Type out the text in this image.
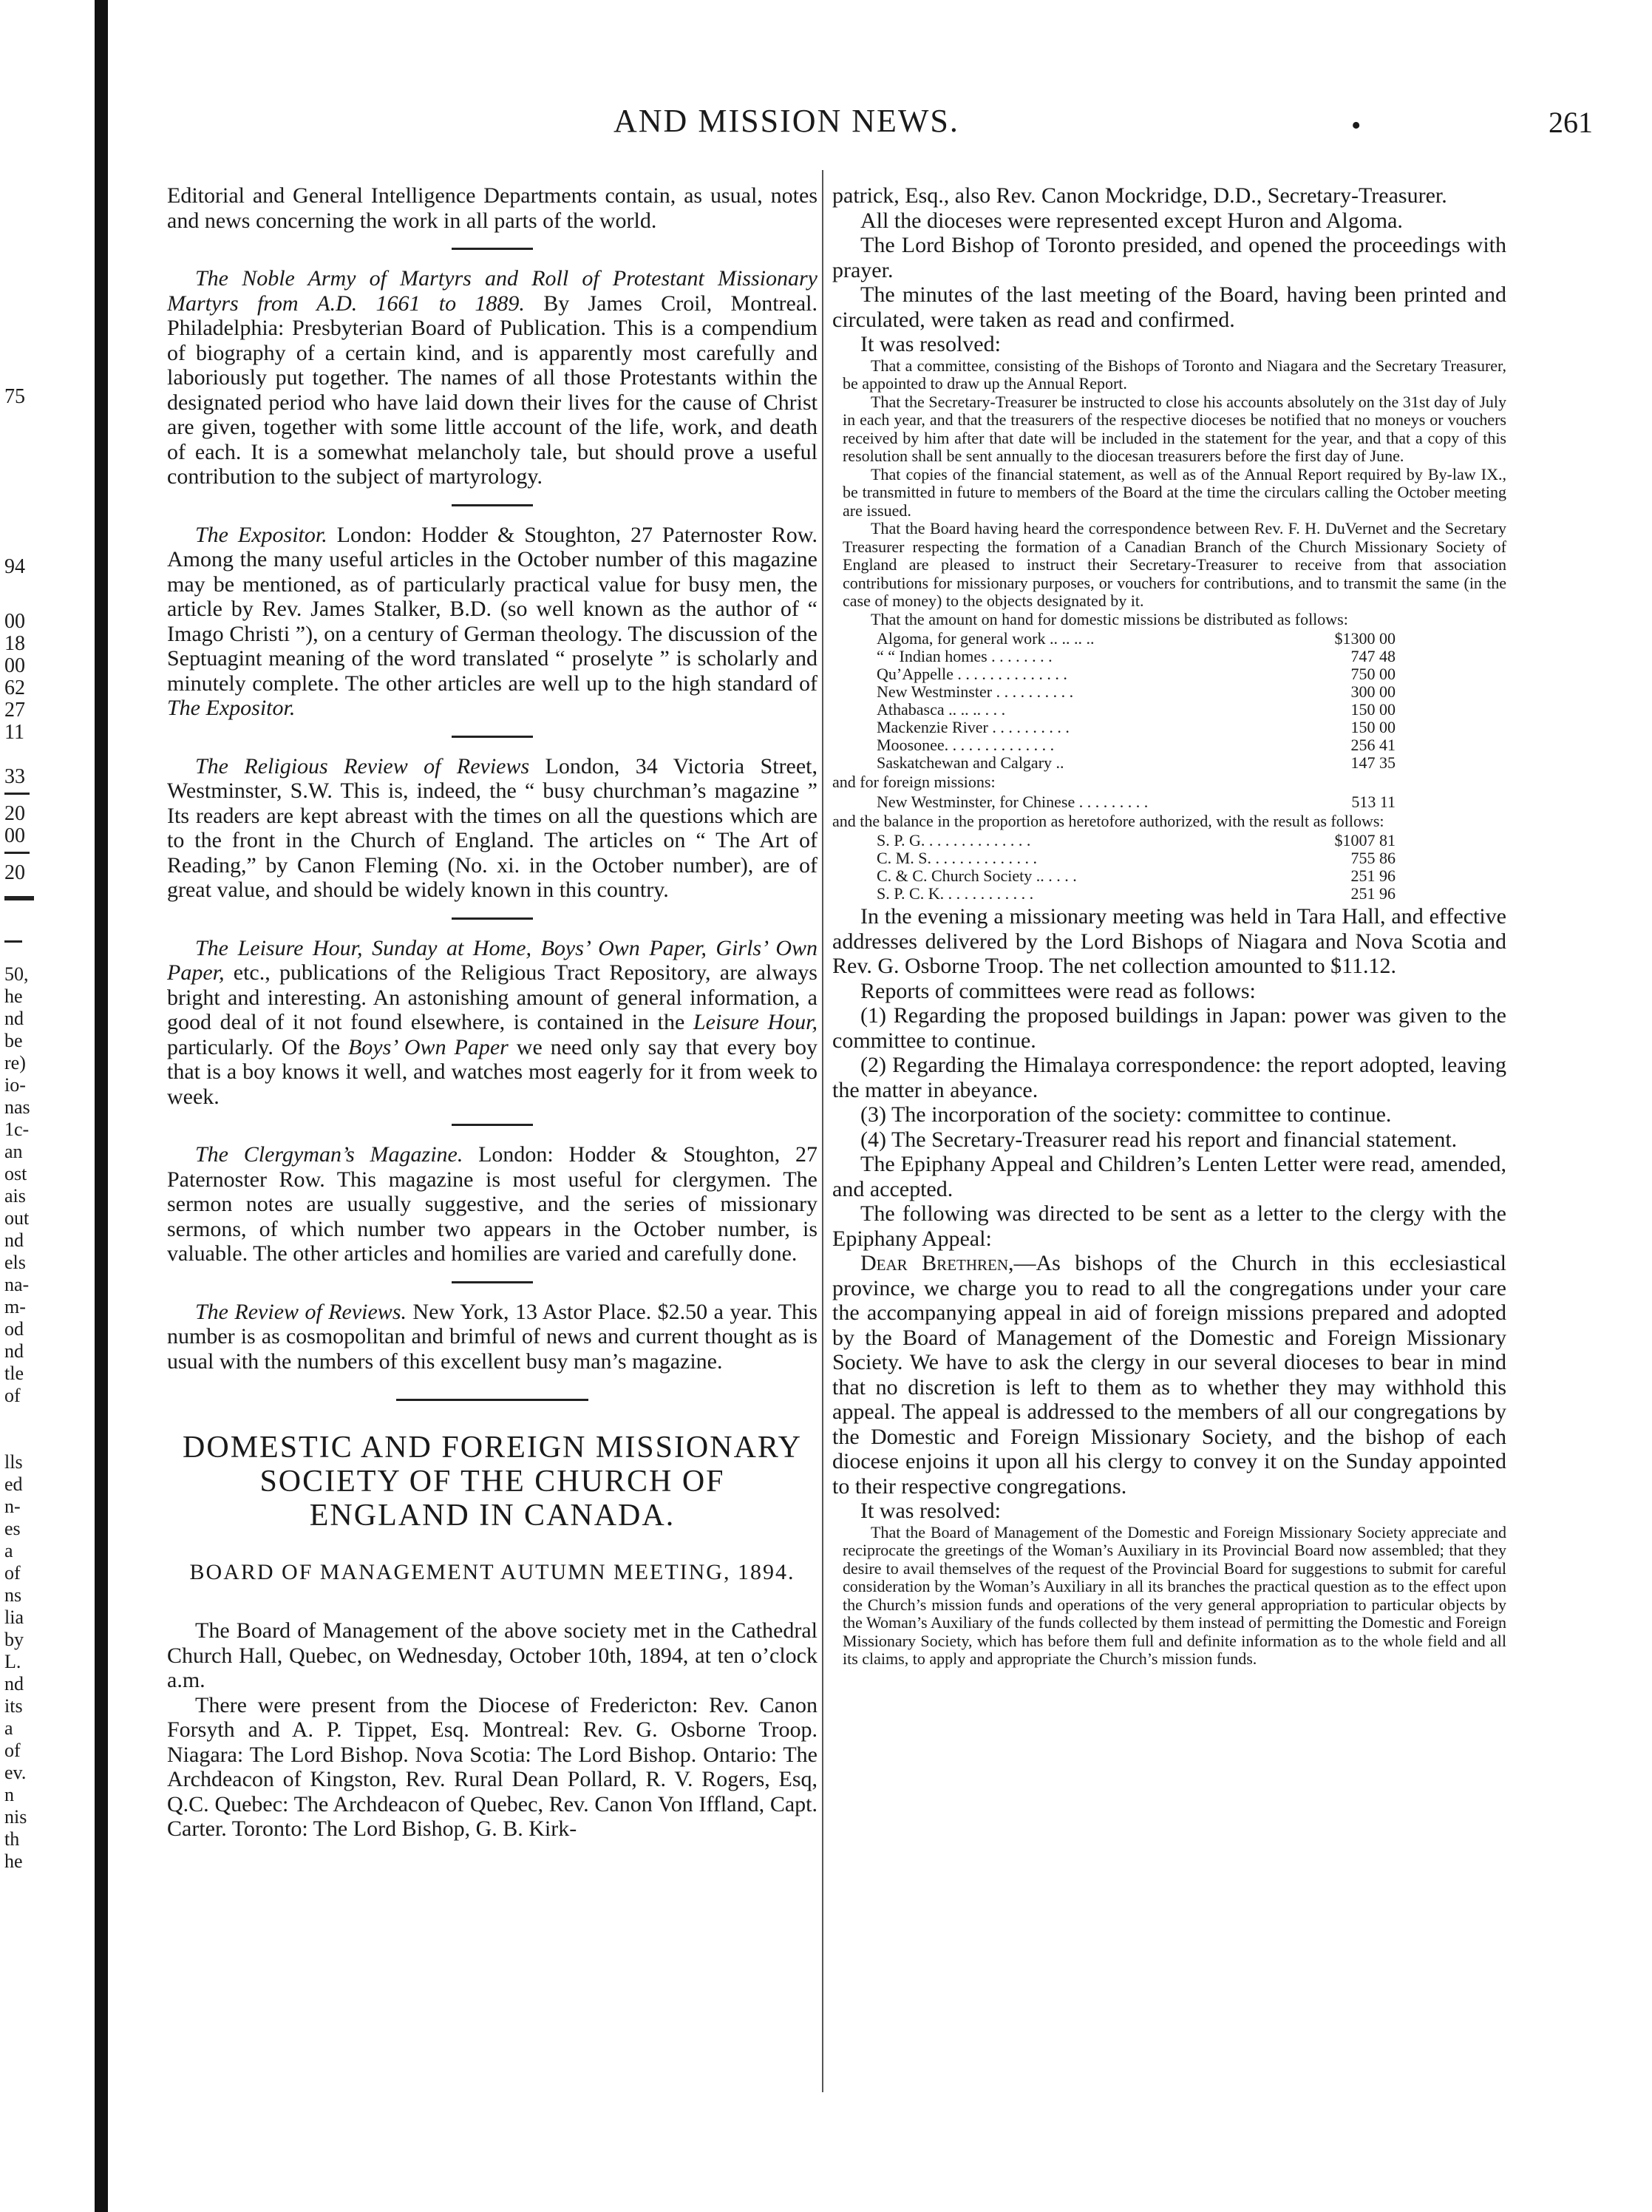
75
94
00
18
00
62
27
11
33
20
00
20
50,
he
nd
be
re)
io-
nas
1c-
an
ost
ais
out
nd
els
na-
m-
od
nd
tle
of
lls
ed
n-
es
a
of
ns
lia
by
L.
nd
its
a
of
ev.
n
nis
th
he
AND MISSION NEWS.	•	261

Editorial and General Intelligence Departments contain, as usual, notes and news concerning the work in all parts of the world.

The Noble Army of Martyrs and Roll of Protestant Missionary Martyrs from A.D. 1661 to 1889. By James Croil, Montreal. Philadelphia: Presbyterian Board of Publication. This is a compendium of biography of a certain kind, and is apparently most carefully and laboriously put together. The names of all those Protestants within the designated period who have laid down their lives for the cause of Christ are given, together with some little account of the life, work, and death of each. It is a somewhat melancholy tale, but should prove a useful contribution to the subject of martyrology.

The Expositor. London: Hodder & Stoughton, 27 Paternoster Row. Among the many useful articles in the October number of this magazine may be mentioned, as of particularly practical value for busy men, the article by Rev. James Stalker, B.D. (so well known as the author of “ Imago Christi ”), on a century of German theology. The discussion of the Septuagint meaning of the word translated “ proselyte ” is scholarly and minutely complete. The other articles are well up to the high standard of The Expositor.

The Religious Review of Reviews London, 34 Victoria Street, Westminster, S.W. This is, indeed, the “ busy churchman’s magazine ” Its readers are kept abreast with the times on all the questions which are to the front in the Church of England. The articles on “ The Art of Reading,” by Canon Fleming (No. xi. in the October number), are of great value, and should be widely known in this country.

The Leisure Hour, Sunday at Home, Boys’ Own Paper, Girls’ Own Paper, etc., publications of the Religious Tract Repository, are always bright and interesting. An astonishing amount of general information, a good deal of it not found elsewhere, is contained in the Leisure Hour, particularly. Of the Boys’ Own Paper we need only say that every boy that is a boy knows it well, and watches most eagerly for it from week to week.

The Clergyman’s Magazine. London: Hodder & Stoughton, 27 Paternoster Row. This magazine is most useful for clergymen. The sermon notes are usually suggestive, and the series of missionary sermons, of which number two appears in the October number, is valuable. The other articles and homilies are varied and carefully done.

The Review of Reviews. New York, 13 Astor Place. $2.50 a year. This number is as cosmopolitan and brimful of news and current thought as is usual with the numbers of this excellent busy man’s magazine.

DOMESTIC AND FOREIGN MISSIONARY SOCIETY OF THE CHURCH OF ENGLAND IN CANADA.
BOARD OF MANAGEMENT AUTUMN MEETING, 1894.

The Board of Management of the above society met in the Cathedral Church Hall, Quebec, on Wednesday, October 10th, 1894, at ten o’clock a.m.

There were present from the Diocese of Fredericton: Rev. Canon Forsyth and A. P. Tippet, Esq. Montreal: Rev. G. Osborne Troop. Niagara: The Lord Bishop. Nova Scotia: The Lord Bishop. Ontario: The Archdeacon of Kingston, Rev. Rural Dean Pollard, R. V. Rogers, Esq, Q.C. Quebec: The Archdeacon of Quebec, Rev. Canon Von Iffland, Capt. Carter. Toronto: The Lord Bishop, G. B. Kirk-

patrick, Esq., also Rev. Canon Mockridge, D.D., Secretary-Treasurer.

All the dioceses were represented except Huron and Algoma.

The Lord Bishop of Toronto presided, and opened the proceedings with prayer.

The minutes of the last meeting of the Board, having been printed and circulated, were taken as read and confirmed.

It was resolved:

That a committee, consisting of the Bishops of Toronto and Niagara and the Secretary Treasurer, be appointed to draw up the Annual Report.

That the Secretary-Treasurer be instructed to close his accounts absolutely on the 31st day of July in each year, and that the treasurers of the respective dioceses be notified that no moneys or vouchers received by him after that date will be included in the statement for the year, and that a copy of this resolution shall be sent annually to the diocesan treasurers before the first day of June.

That copies of the financial statement, as well as of the Annual Report required by By-law IX., be transmitted in future to members of the Board at the time the circulars calling the October meeting are issued.

That the Board having heard the correspondence between Rev. F. H. DuVernet and the Secretary Treasurer respecting the formation of a Canadian Branch of the Church Missionary Society of England are pleased to instruct their Secretary-Treasurer to receive from that association contributions for missionary purposes, or vouchers for contributions, and to transmit the same (in the case of money) to the objects designated by it.

That the amount on hand for domestic missions be distributed as follows:

Algoma, for general work .. .. .. ..	$1300 00
“ “ Indian homes . . . . . . . .	747 48
Qu’Appelle . . . . . . . . . . . . . .	750 00
New Westminster . . . . . . . . . .	300 00
Athabasca .. .. .. . . .	150 00
Mackenzie River . . . . . . . . . .	150 00
Moosonee. . . . . . . . . . . . . .	256 41
Saskatchewan and Calgary ..	147 35

and for foreign missions:

New Westminster, for Chinese . . . . . . . . .	513 11

and the balance in the proportion as heretofore authorized, with the result as follows:

S. P. G. . . . . . . . . . . . . .	$1007 81
C. M. S. . . . . . . . . . . . . .	755 86
C. & C. Church Society .. . . . .	251 96
S. P. C. K. . . . . . . . . . . .	251 96

In the evening a missionary meeting was held in Tara Hall, and effective addresses delivered by the Lord Bishops of Niagara and Nova Scotia and Rev. G. Osborne Troop. The net collection amounted to $11.12.

Reports of committees were read as follows:

(1) Regarding the proposed buildings in Japan: power was given to the committee to continue.

(2) Regarding the Himalaya correspondence: the report adopted, leaving the matter in abeyance.

(3) The incorporation of the society: committee to continue.

(4) The Secretary-Treasurer read his report and financial statement.

The Epiphany Appeal and Children’s Lenten Letter were read, amended, and accepted.

The following was directed to be sent as a letter to the clergy with the Epiphany Appeal:

Dear Brethren,—As bishops of the Church in this ecclesiastical province, we charge you to read to all the congregations under your care the accompanying appeal in aid of foreign missions prepared and adopted by the Board of Management of the Domestic and Foreign Missionary Society. We have to ask the clergy in our several dioceses to bear in mind that no discretion is left to them as to whether they may withhold this appeal. The appeal is addressed to the members of all our congregations by the Domestic and Foreign Missionary Society, and the bishop of each diocese enjoins it upon all his clergy to convey it on the Sunday appointed to their respective congregations.

It was resolved:

That the Board of Management of the Domestic and Foreign Missionary Society appreciate and reciprocate the greetings of the Woman’s Auxiliary in its Provincial Board now assembled; that they desire to avail themselves of the request of the Provincial Board for suggestions to submit for careful consideration by the Woman’s Auxiliary in all its branches the practical question as to the effect upon the Church’s mission funds and operations of the very general appropriation to particular objects by the Woman’s Auxiliary of the funds collected by them instead of permitting the Domestic and Foreign Missionary Society, which has before them full and definite information as to the whole field and all its claims, to apply and appropriate the Church’s mission funds.
